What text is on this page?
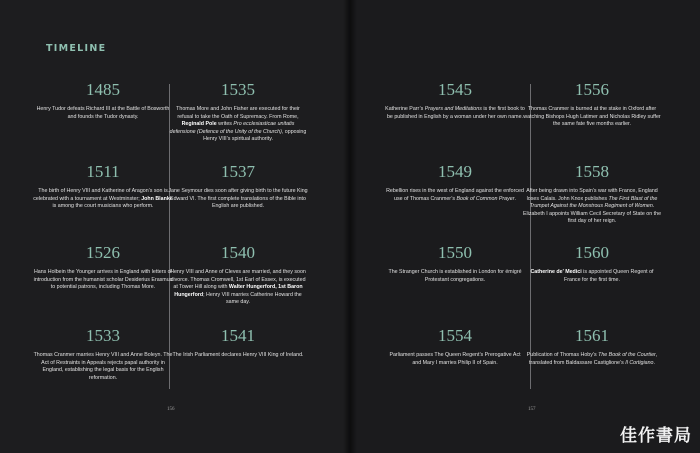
TIMELINE
1485
Henry Tudor defeats Richard III at the Battle of Bosworth and founds the Tudor dynasty.
1511
The birth of Henry VIII and Katherine of Aragon’s son is celebrated with a tournament at Westminster; John Blanke is among the court musicians who perform.
1526
Hans Holbein the Younger arrives in England with letters of introduction from the humanist scholar Desiderius Erasmus to potential patrons, including Thomas More.
1533
Thomas Cranmer marries Henry VIII and Anne Boleyn. The Act of Restraints in Appeals rejects papal authority in England, establishing the legal basis for the English reformation.
1535
Thomas More and John Fisher are executed for their refusal to take the Oath of Supremacy. From Rome, Reginald Pole writes Pro ecclesiasticae unitatis defensione (Defence of the Unity of the Church), opposing Henry VIII’s spiritual authority.
1537
Jane Seymour dies soon after giving birth to the future King Edward VI. The first complete translations of the Bible into English are published.
1540
Henry VIII and Anne of Cleves are married, and they soon divorce. Thomas Cromwell, 1st Earl of Essex, is executed at Tower Hill along with Walter Hungerford, 1st Baron Hungerford; Henry VIII marries Catherine Howard the same day.
1541
The Irish Parliament declares Henry VIII King of Ireland.
1545
Katherine Parr’s Prayers and Meditations is the first book to be published in English by a woman under her own name.
1549
Rebellion rises in the west of England against the enforced use of Thomas Cranmer’s Book of Common Prayer.
1550
The Stranger Church is established in London for émigré Protestant congregations.
1554
Parliament passes The Queen Regent’s Prerogative Act and Mary I marries Philip II of Spain.
1556
Thomas Cranmer is burned at the stake in Oxford after watching Bishops Hugh Latimer and Nicholas Ridley suffer the same fate five months earlier.
1558
After being drawn into Spain’s war with France, England loses Calais. John Knox publishes The First Blast of the Trumpet Against the Monstrous Regiment of Women. Elizabeth I appoints William Cecil Secretary of State on the first day of her reign.
1560
Catherine de’ Medici is appointed Queen Regent of France for the first time.
1561
Publication of Thomas Hoby’s The Book of the Courtier, translated from Baldassare Castiglione’s Il Cortigiano.
156	157
佳作書局
